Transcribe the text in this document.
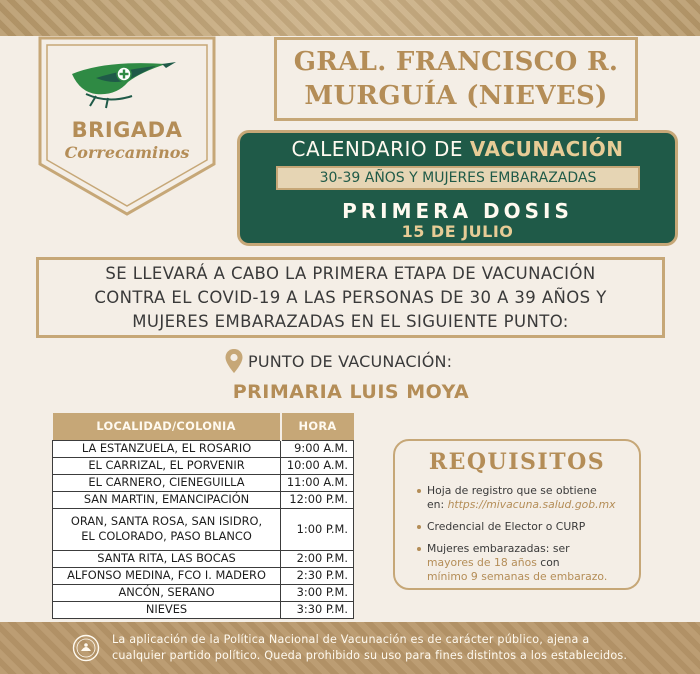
BRIGADA
Correcaminos
GRAL. FRANCISCO R.
MURGUÍA (NIEVES)
CALENDARIO DE VACUNACIÓN
30-39 AÑOS Y MUJERES EMBARAZADAS
PRIMERA DOSIS
15 DE JULIO
SE LLEVARÁ A CABO LA PRIMERA ETAPA DE VACUNACIÓN
CONTRA EL COVID-19 A LAS PERSONAS DE 30 A 39 AÑOS Y
MUJERES EMBARAZADAS EN EL SIGUIENTE PUNTO:
PUNTO DE VACUNACIÓN:
PRIMARIA LUIS MOYA
LOCALIDAD/COLONIA	HORA
LA ESTANZUELA, EL ROSARIO	9:00 A.M.
EL CARRIZAL, EL PORVENIR	10:00 A.M.
EL CARNERO, CIENEGUILLA	11:00 A.M.
SAN MARTIN, EMANCIPACIÓN	12:00 P.M.

ORAN, SANTA ROSA, SAN ISIDRO,
EL COLORADO, PASO BLANCO	1:00 P.M.
SANTA RITA, LAS BOCAS	2:00 P.M.
ALFONSO MEDINA, FCO I. MADERO	2:30 P.M.
ANCÓN, SERANO	3:00 P.M.
NIEVES	3:30 P.M.
REQUISITOS
Hoja de registro que se obtiene
en: https://mivacuna.salud.gob.mx
Credencial de Elector o CURP
Mujeres embarazadas: ser
mayores de 18 años con
mínimo 9 semanas de embarazo.
La aplicación de la Política Nacional de Vacunación es de carácter público, ajena a
cualquier partido político. Queda prohibido su uso para fines distintos a los establecidos.
